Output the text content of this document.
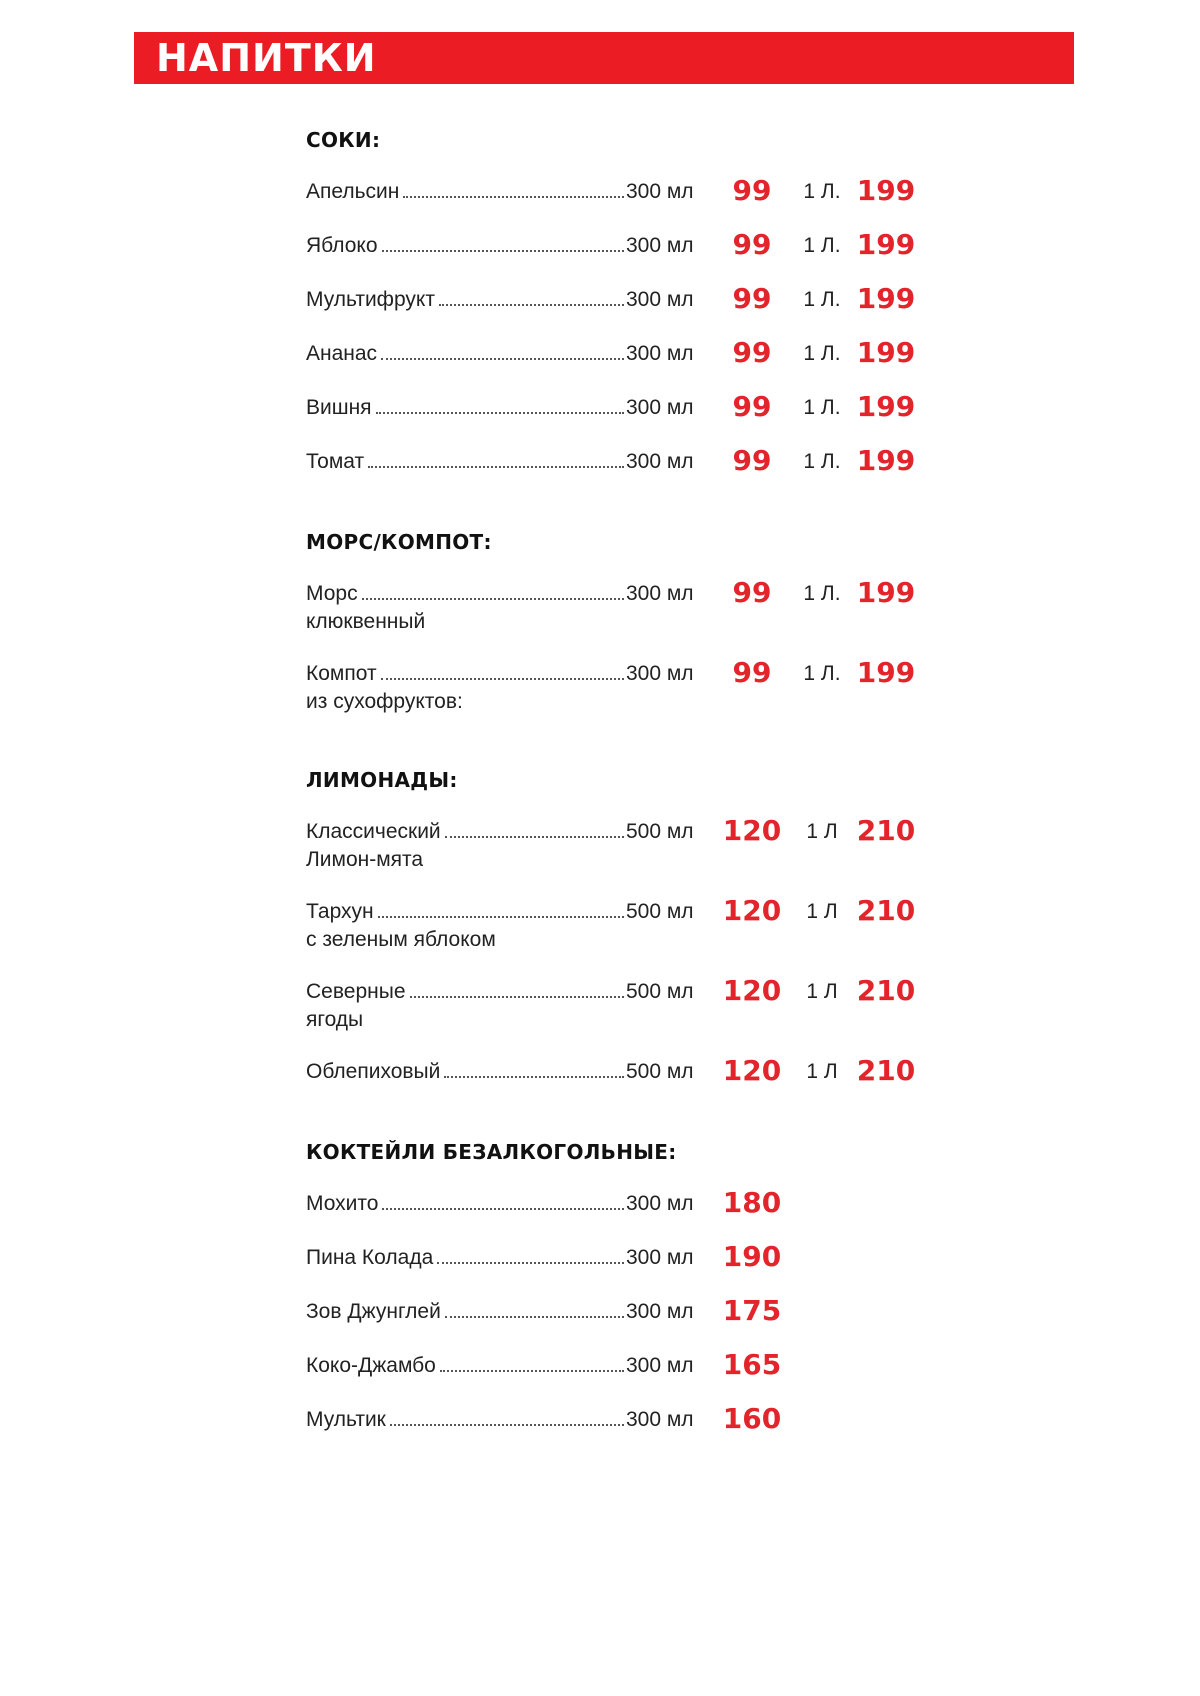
НАПИТКИ
СОКИ:
Апельсин	300 мл	99	1 Л. 199
Яблоко	300 мл	99	1 Л. 199
Мультифрукт	300 мл	99	1 Л. 199
Ананас	300 мл	99	1 Л. 199
Вишня	300 мл	99	1 Л. 199
Томат	300 мл	99	1 Л. 199
МОРС/КОМПОТ:
Морс
клюквенный
300 мл	99	1 Л. 199
Компот
из сухофруктов:
300 мл	99	1 Л. 199
ЛИМОНАДЫ:
Классический
Лимон-мята
500 мл 120	1 Л 210
Тархун
с зеленым яблоком
500 мл 120	1 Л 210
Северные
ягоды
500 мл 120	1 Л 210
Облепиховый	500 мл 120	1 Л 210
КОКТЕЙЛИ БЕЗАЛКОГОЛЬНЫЕ:
Мохито	300 мл 180
Пина Колада	300 мл 190
Зов Джунглей	300 мл 175
Коко-Джамбо	300 мл 165
Мультик	300 мл 160
